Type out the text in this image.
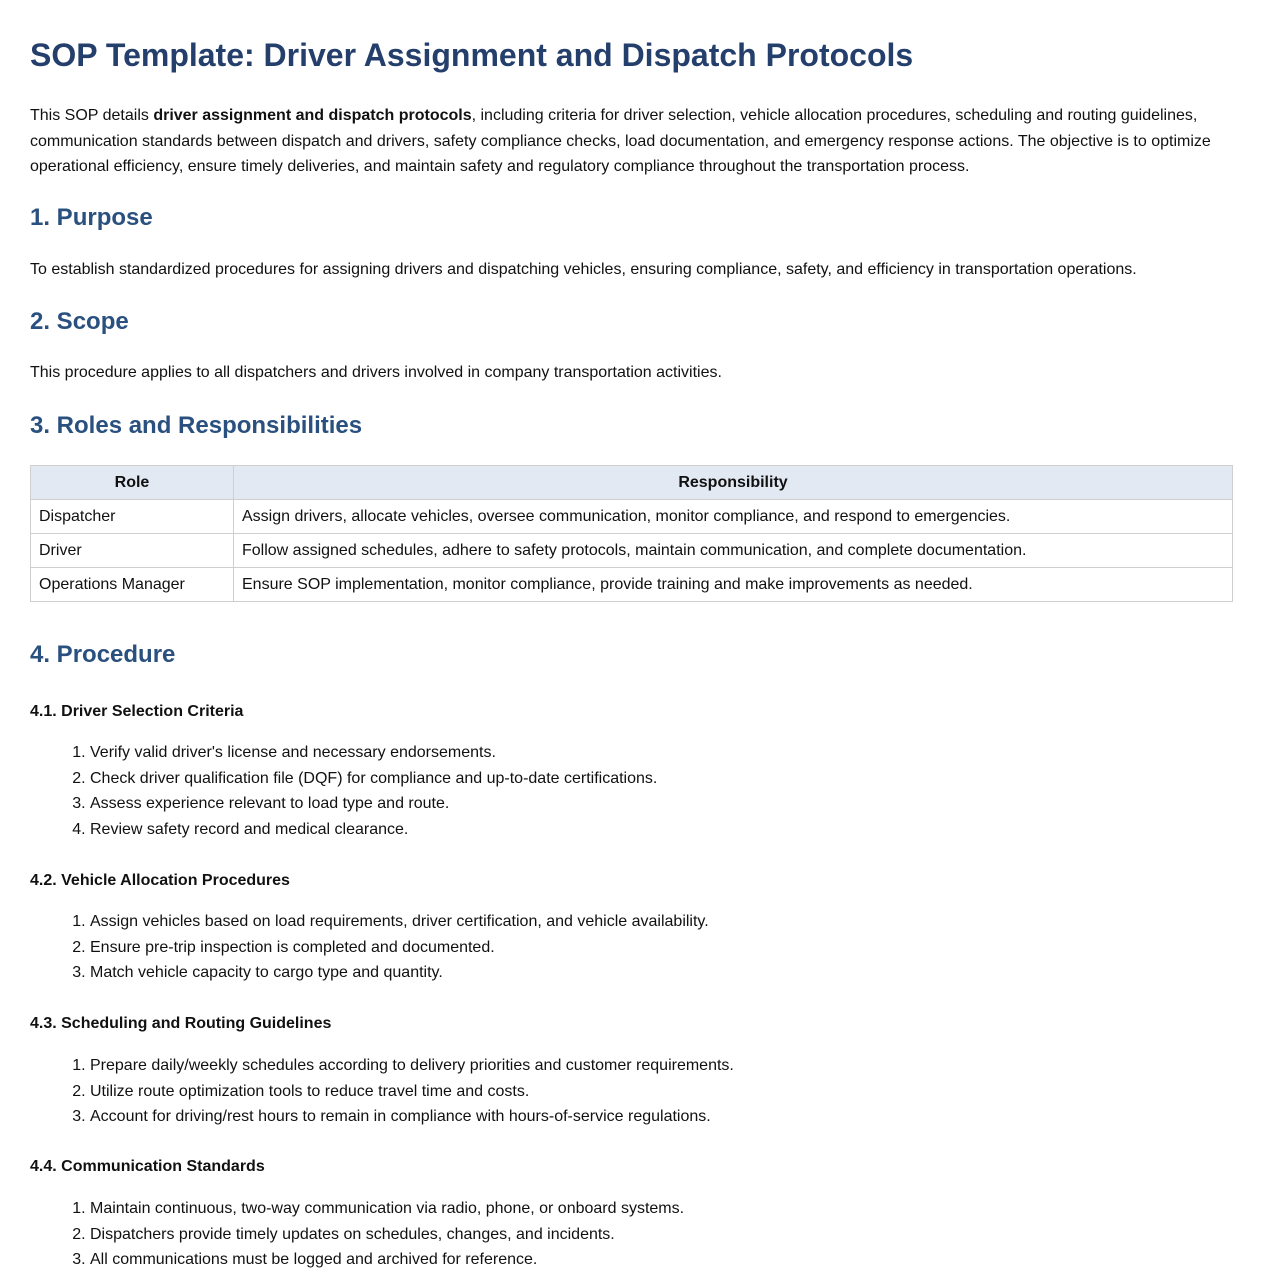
SOP Template: Driver Assignment and Dispatch Protocols

This SOP details driver assignment and dispatch protocols, including criteria for driver selection, vehicle allocation procedures, scheduling and routing guidelines, communication standards between dispatch and drivers, safety compliance checks, load documentation, and emergency response actions. The objective is to optimize operational efficiency, ensure timely deliveries, and maintain safety and regulatory compliance throughout the transportation process.

1. Purpose

To establish standardized procedures for assigning drivers and dispatching vehicles, ensuring compliance, safety, and efficiency in transportation operations.

2. Scope

This procedure applies to all dispatchers and drivers involved in company transportation activities.

3. Roles and Responsibilities
Role	Responsibility
Dispatcher	Assign drivers, allocate vehicles, oversee communication, monitor compliance, and respond to emergencies.
Driver	Follow assigned schedules, adhere to safety protocols, maintain communication, and complete documentation.
Operations Manager	Ensure SOP implementation, monitor compliance, provide training and make improvements as needed.
4. Procedure
4.1. Driver Selection Criteria
1. Verify valid driver's license and necessary endorsements.
2. Check driver qualification file (DQF) for compliance and up-to-date certifications.
3. Assess experience relevant to load type and route.
4. Review safety record and medical clearance.
4.2. Vehicle Allocation Procedures
1. Assign vehicles based on load requirements, driver certification, and vehicle availability.
2. Ensure pre-trip inspection is completed and documented.
3. Match vehicle capacity to cargo type and quantity.
4.3. Scheduling and Routing Guidelines
1. Prepare daily/weekly schedules according to delivery priorities and customer requirements.
2. Utilize route optimization tools to reduce travel time and costs.
3. Account for driving/rest hours to remain in compliance with hours-of-service regulations.
4.4. Communication Standards
1. Maintain continuous, two-way communication via radio, phone, or onboard systems.
2. Dispatchers provide timely updates on schedules, changes, and incidents.
3. All communications must be logged and archived for reference.
